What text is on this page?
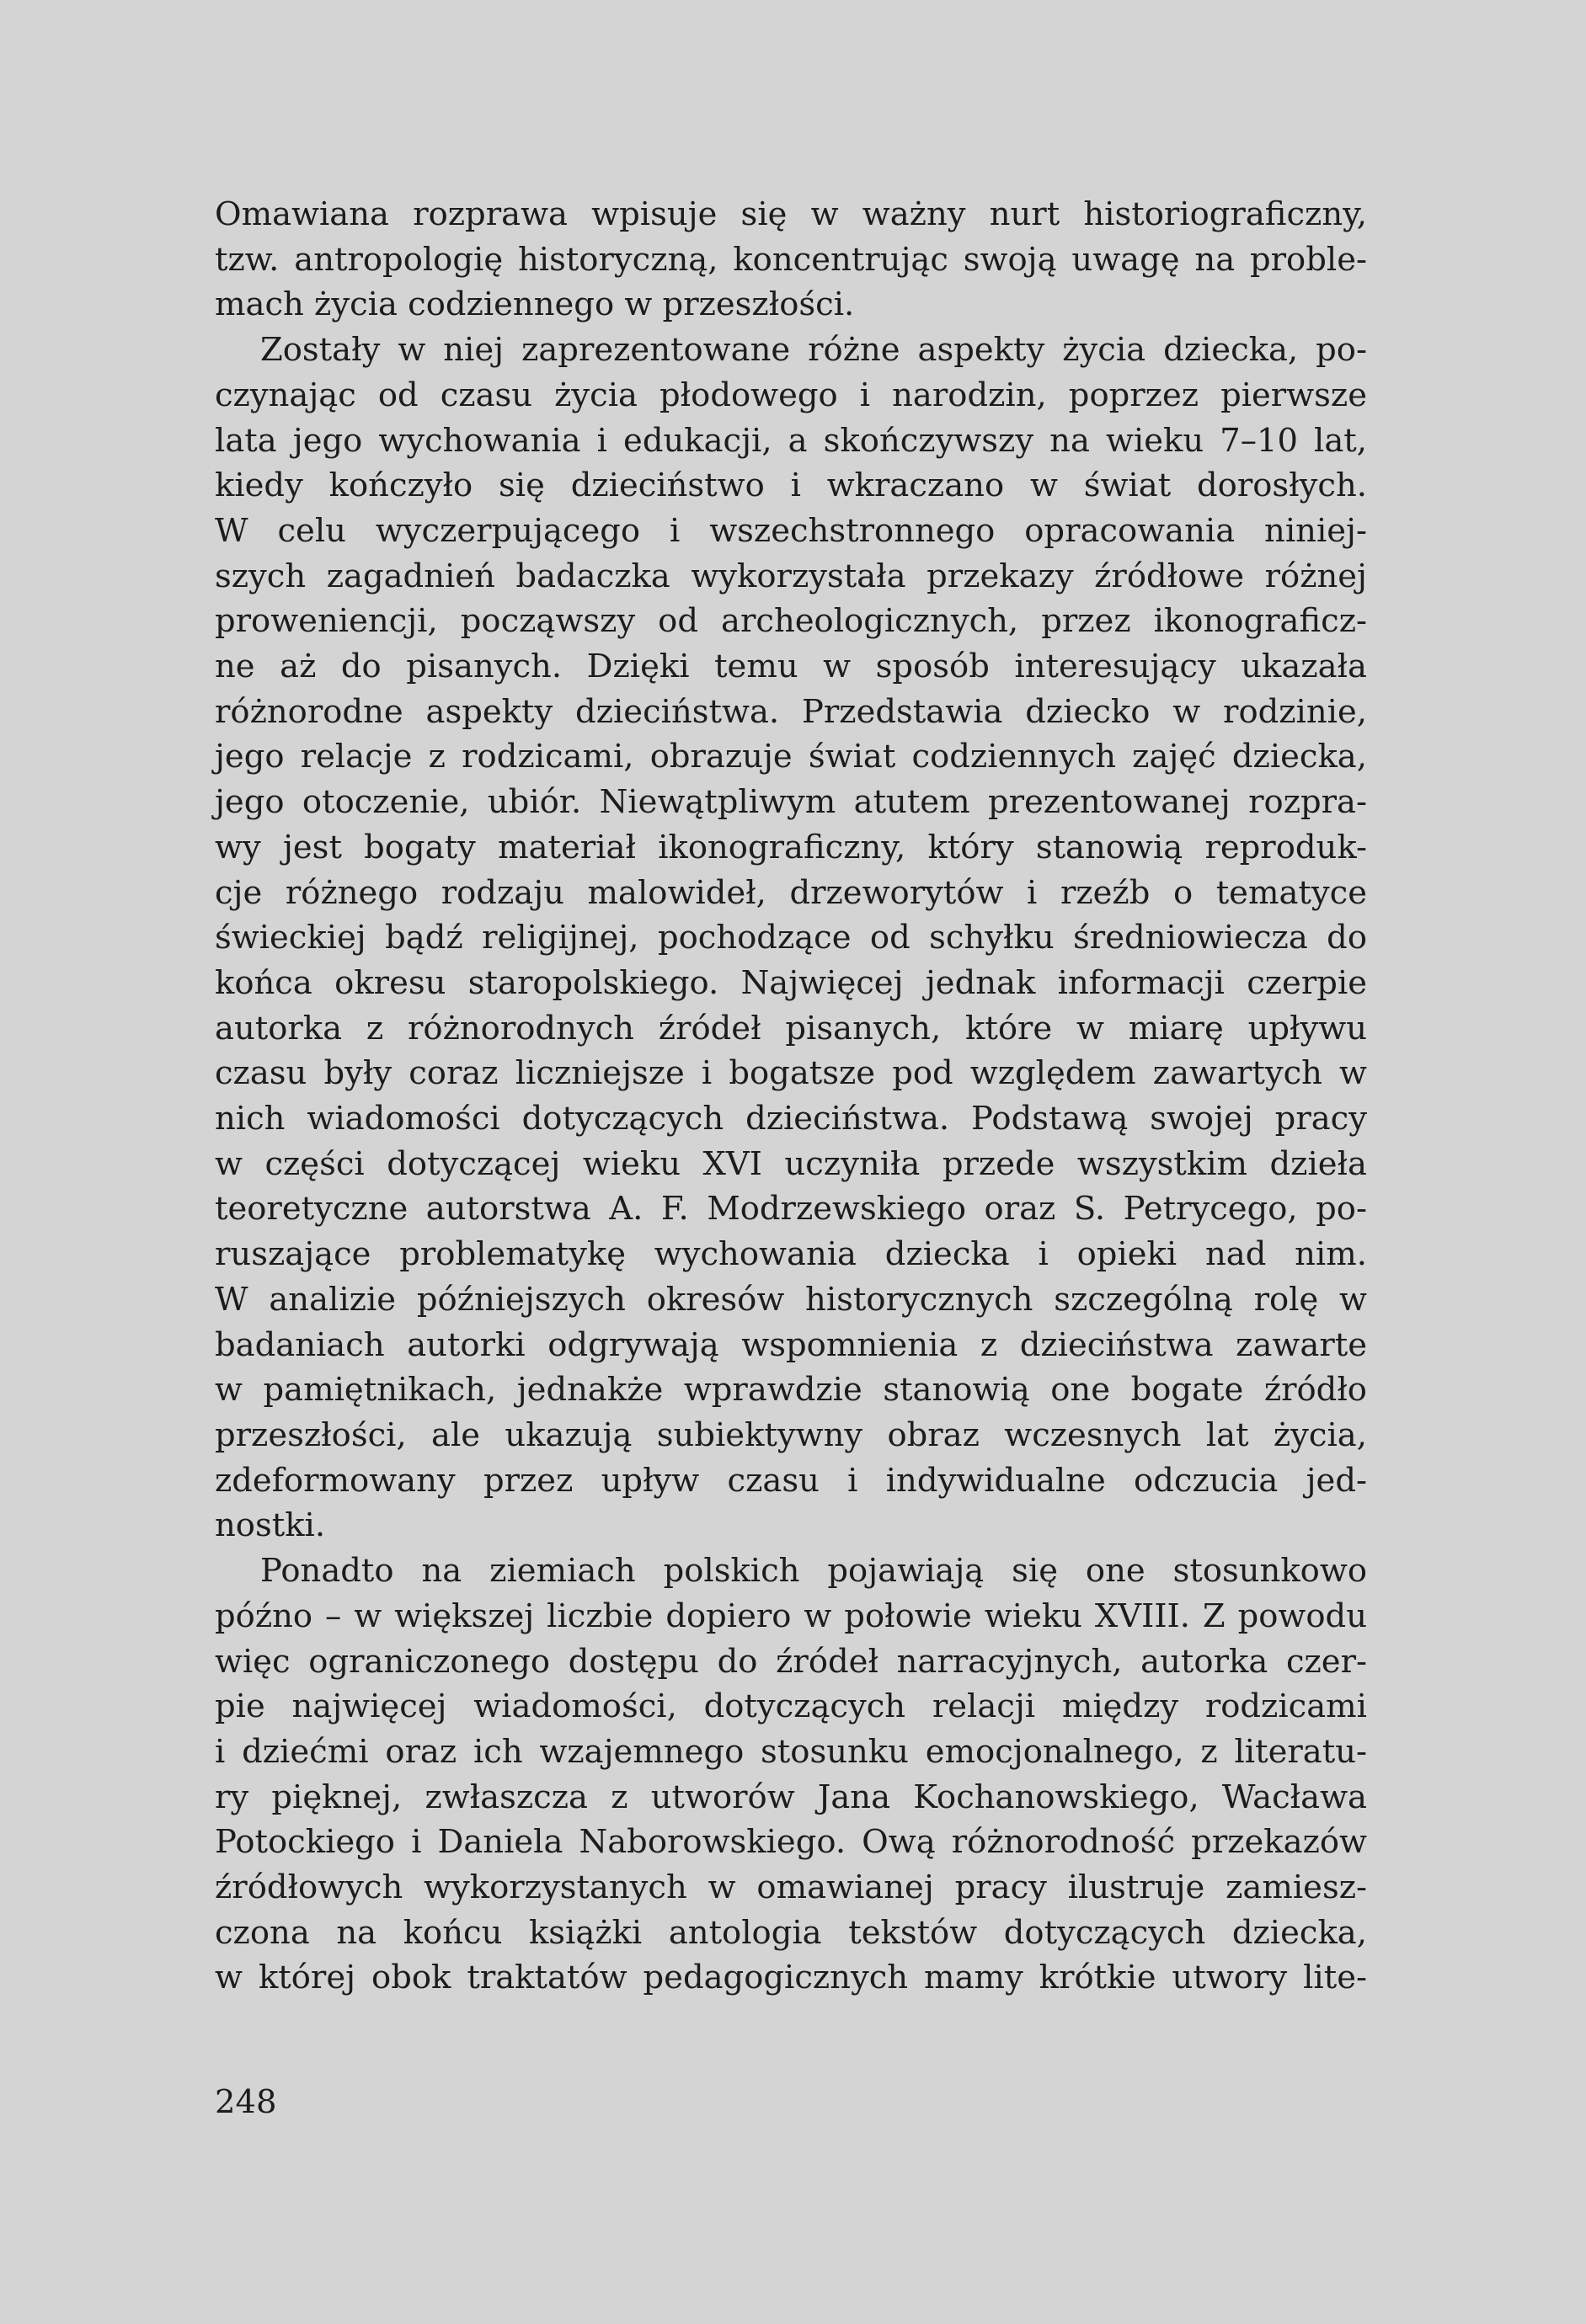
Omawiana rozprawa wpisuje się w ważny nurt historiograficzny,
tzw. antropologię historyczną, koncentrując swoją uwagę na proble-
mach życia codziennego w przeszłości.

Zostały w niej zaprezentowane różne aspekty życia dziecka, po-
czynając od czasu życia płodowego i narodzin, poprzez pierwsze
lata jego wychowania i edukacji, a skończywszy na wieku 7–10 lat,
kiedy kończyło się dzieciństwo i wkraczano w świat dorosłych.
W celu wyczerpującego i wszechstronnego opracowania niniej-
szych zagadnień badaczka wykorzystała przekazy źródłowe różnej
proweniencji, począwszy od archeologicznych, przez ikonograficz-
ne aż do pisanych. Dzięki temu w sposób interesujący ukazała
różnorodne aspekty dzieciństwa. Przedstawia dziecko w rodzinie,
jego relacje z rodzicami, obrazuje świat codziennych zajęć dziecka,
jego otoczenie, ubiór. Niewątpliwym atutem prezentowanej rozpra-
wy jest bogaty materiał ikonograficzny, który stanowią reproduk-
cje różnego rodzaju malowideł, drzeworytów i rzeźb o tematyce
świeckiej bądź religijnej, pochodzące od schyłku średniowiecza do
końca okresu staropolskiego. Najwięcej jednak informacji czerpie
autorka z różnorodnych źródeł pisanych, które w miarę upływu
czasu były coraz liczniejsze i bogatsze pod względem zawartych w
nich wiadomości dotyczących dzieciństwa. Podstawą swojej pracy
w części dotyczącej wieku XVI uczyniła przede wszystkim dzieła
teoretyczne autorstwa A. F. Modrzewskiego oraz S. Petrycego, po-
ruszające problematykę wychowania dziecka i opieki nad nim.
W analizie późniejszych okresów historycznych szczególną rolę w
badaniach autorki odgrywają wspomnienia z dzieciństwa zawarte
w pamiętnikach, jednakże wprawdzie stanowią one bogate źródło
przeszłości, ale ukazują subiektywny obraz wczesnych lat życia,
zdeformowany przez upływ czasu i indywidualne odczucia jed-
nostki.

Ponadto na ziemiach polskich pojawiają się one stosunkowo
późno – w większej liczbie dopiero w połowie wieku XVIII. Z powodu
więc ograniczonego dostępu do źródeł narracyjnych, autorka czer-
pie najwięcej wiadomości, dotyczących relacji między rodzicami
i dziećmi oraz ich wzajemnego stosunku emocjonalnego, z literatu-
ry pięknej, zwłaszcza z utworów Jana Kochanowskiego, Wacława
Potockiego i Daniela Naborowskiego. Ową różnorodność przekazów
źródłowych wykorzystanych w omawianej pracy ilustruje zamiesz-
czona na końcu książki antologia tekstów dotyczących dziecka,
w której obok traktatów pedagogicznych mamy krótkie utwory lite-

248
